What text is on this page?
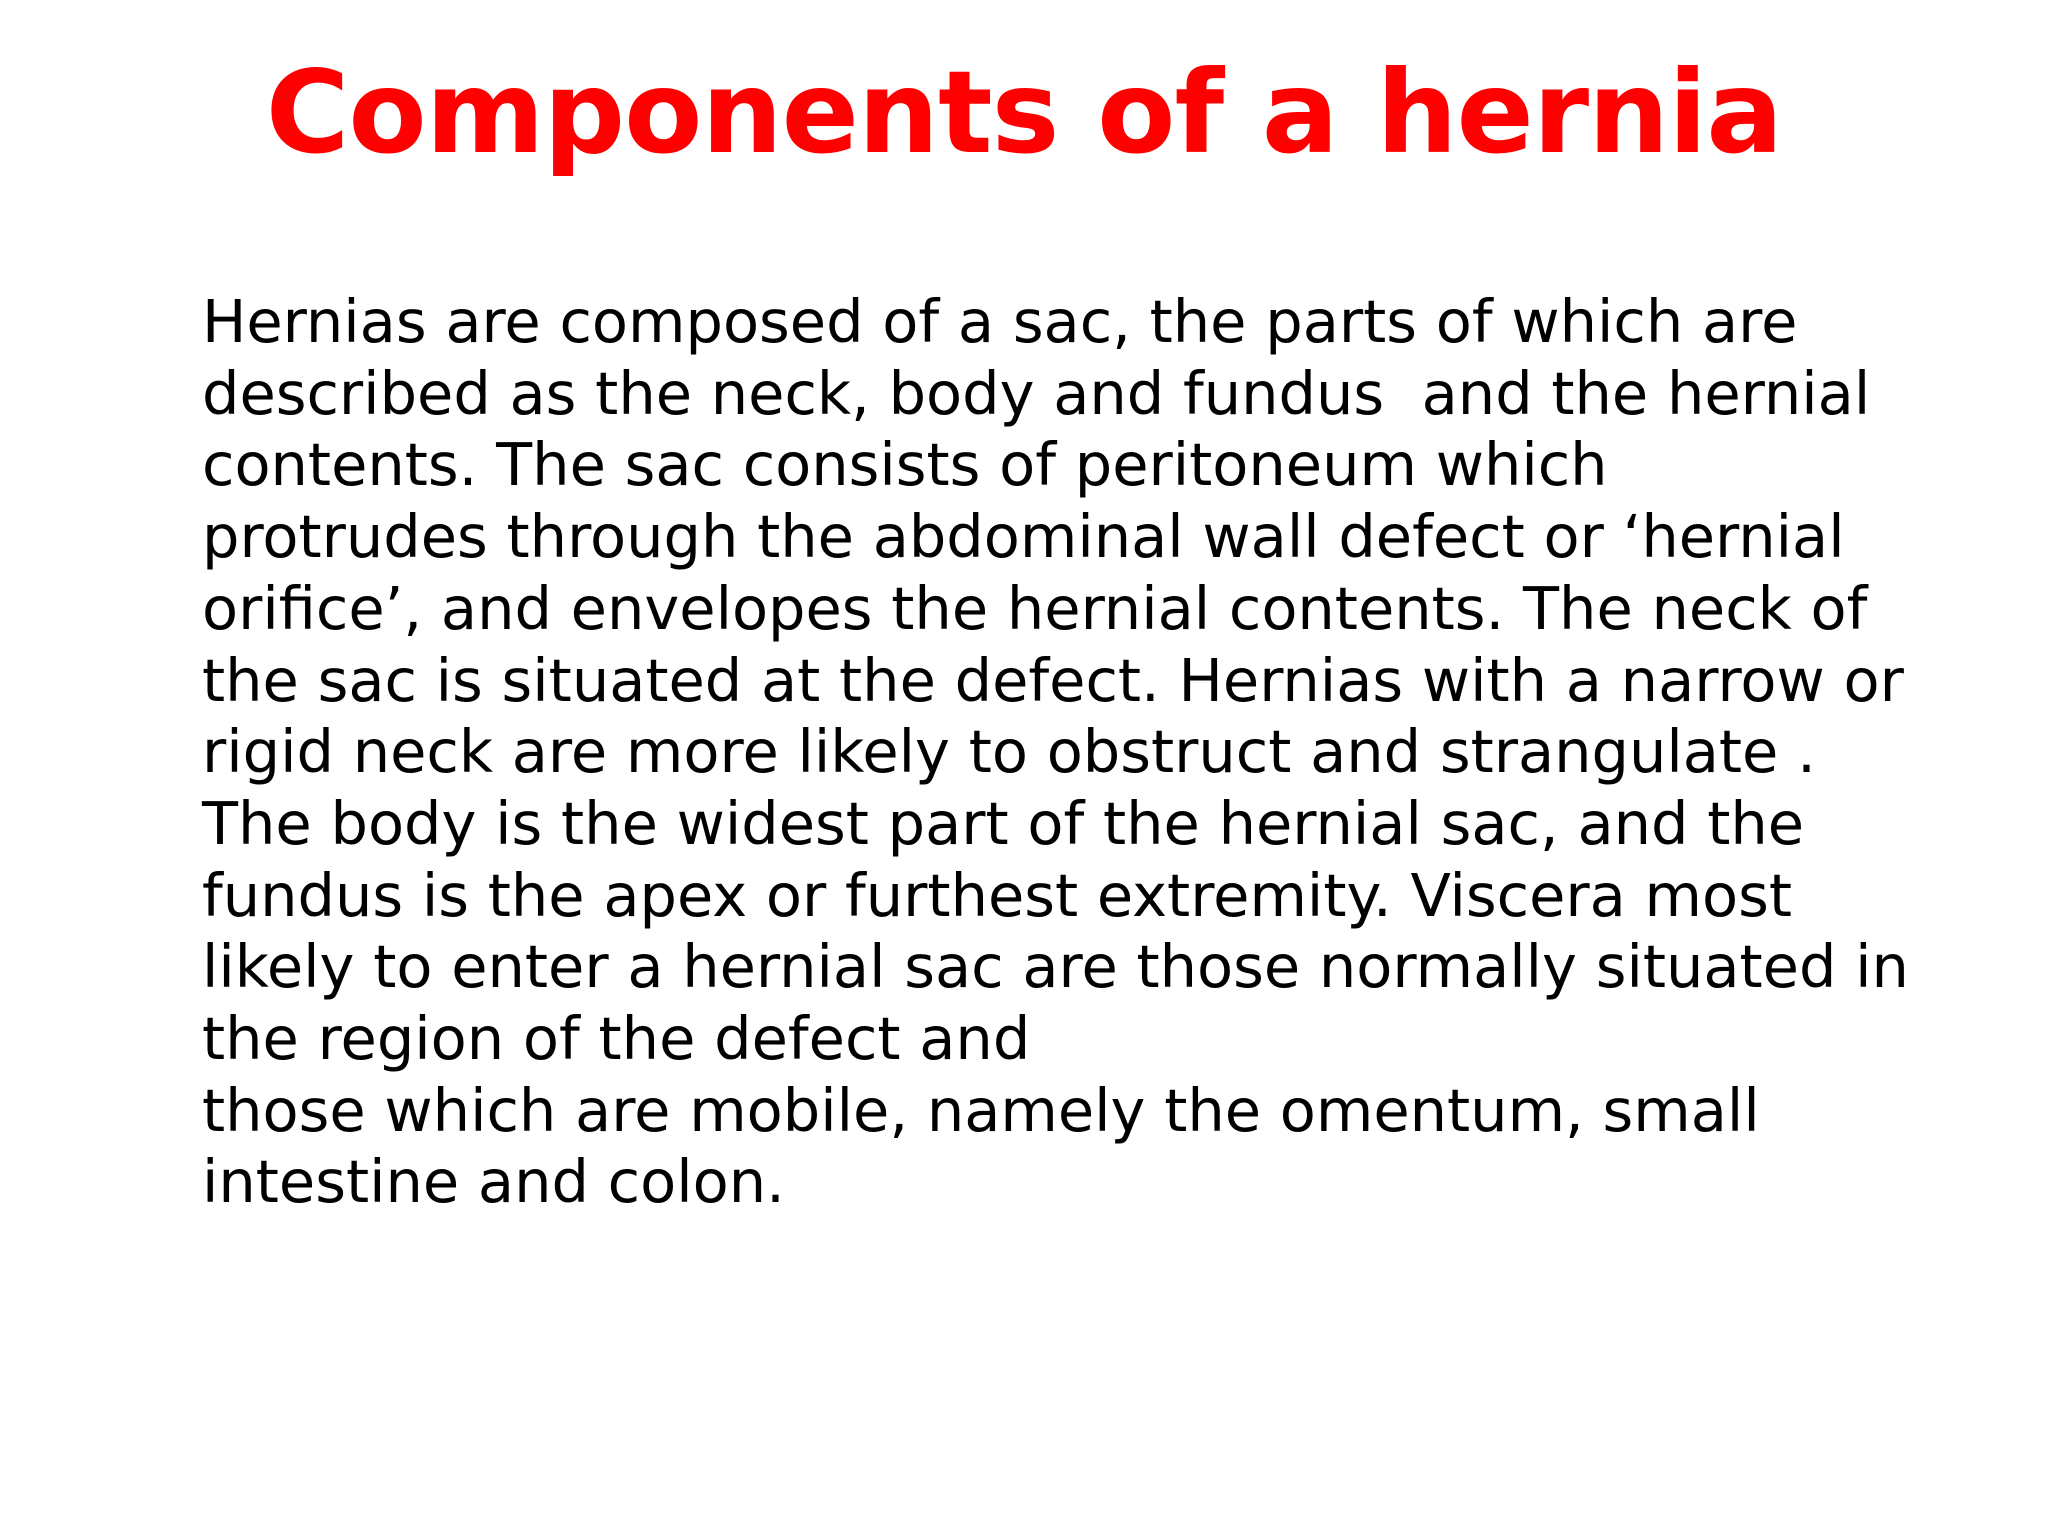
Components of a hernia
Hernias are composed of a sac, the parts of which are
described as the neck, body and fundus  and the hernial
contents. The sac consists of peritoneum which
protrudes through the abdominal wall defect or ‘hernial
orifice’, and envelopes the hernial contents. The neck of
the sac is situated at the defect. Hernias with a narrow or
rigid neck are more likely to obstruct and strangulate .
The body is the widest part of the hernial sac, and the
fundus is the apex or furthest extremity. Viscera most
likely to enter a hernial sac are those normally situated in
the region of the defect and
those which are mobile, namely the omentum, small
intestine and colon.
